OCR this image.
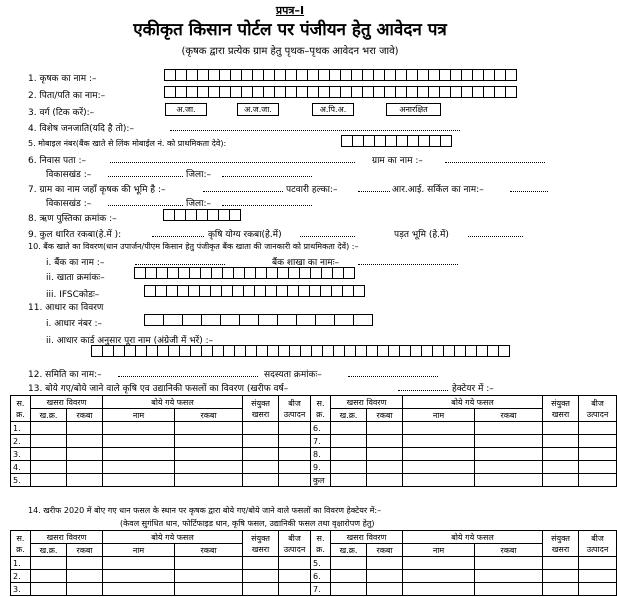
प्रपत्र–I
एकीकृत किसान पोर्टल पर पंजीयन हेतु आवेदन पत्र
(कृषक द्वारा प्रत्येक ग्राम हेतु पृथक–पृथक आवेदन भरा जावे)
1. कृषक का नाम :–
2. पिता/पति का नाम:–
3. वर्ग (टिक करें):–	अ.जा.	अ.ज.जा.	अ.पि.अ.	अनारक्षित
4. विशेष जनजाति(यदि है तो):–
5. मोबाइल नंबर(बैंक खाते से लिंक मोबाईल नं. को प्राथमिकता देवे):
6. निवास पता :–	ग्राम का नाम :–
विकासखंड :–	जिला:–
7. ग्राम का नाम जहाँ कृषक की भूमि है :–	पटवारी हल्का:–	आर.आई. सर्किल का नाम:–
विकासखंड :–	जिला:–
8. ऋण पुस्तिका क्रमांक :–
9. कुल धारित रकबा(हे.में ):	कृषि योग्य रकबा(हे.में)	पड़त भूमि (हे.में)
10. बैंक खाते का विवरण(धान उपार्जन/पीएम किसान हेतु पंजीकृत बैंक खाता की जानकारी को प्राथमिकता देवें) :–
i. बैंक का नाम :–	बैंक शाखा का नामः–
ii. खाता क्रमांकः–
iii. IFSCकोडः–
11. आधार का विवरण
i. आधार नंबर :–
ii. आधार कार्ड अनुसार पूरा नाम (अंग्रेजी में भरें) :–
12. समिति का नाम:–	सदस्यता क्रमांकः–
13. बोये गए/बोये जाने वाले कृषि एव उद्यानिकी फसलों का विवरण (खरीफ वर्ष–	हेक्टेयर में :–
स. क्र.	खसरा विवरण		बोये गये फसल		संयुक्त खसरा	बीज उत्पादन	स. क्र.	खसरा विवरण		बोये गये फसल		संयुक्त खसरा	बीज उत्पादन
	ख.क्र.	रकबा	नाम	रकबा				ख.क्र.	रकबा	नाम	रकबा		
1.							6.						
2.							7.						
3.							8.						
4.							9.						
5.							कुल						
14. खरीफ 2020 में बोए गए धान फसल के स्थान पर कृषक द्वारा बोये गए/बोये जाने वाले फसलों का विवरण हेक्टेयर में:–
(केवल सुगंधित धान, फोर्टिफाइड धान, कृषि फसल, उद्यानिकी फसल तथा वृक्षारोपण हेतु)
स. क्र.	खसरा विवरण		बोये गये फसल		संयुक्त खसरा	बीज उत्पादन	स. क्र.	खसरा विवरण		बोये गये फसल		संयुक्त खसरा	बीज उत्पादन
	ख.क्र.	रकबा	नाम	रकबा				ख.क्र.	रकबा	नाम	रकबा		
1.							5.						
2.							6.						
3.							7.						
